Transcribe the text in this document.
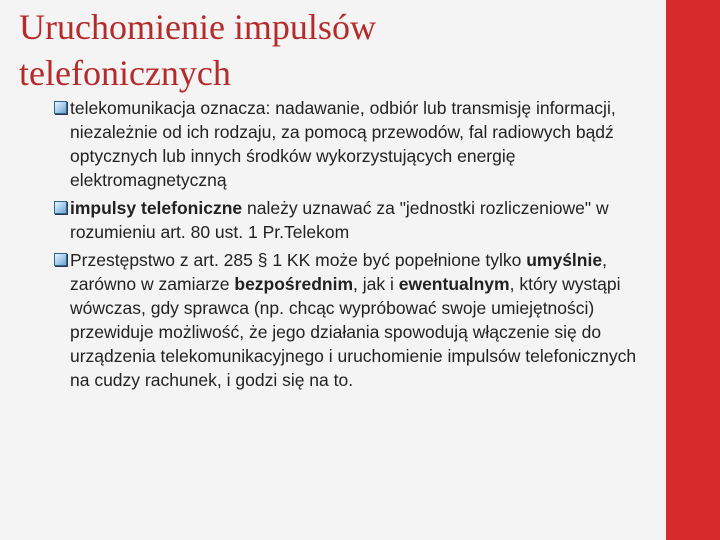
Uruchomienie impulsów
telefonicznych
telekomunikacja oznacza: nadawanie, odbiór lub transmisję informacji, niezależnie od ich rodzaju, za pomocą przewodów, fal radiowych bądź optycznych lub innych środków wykorzystujących energię elektromagnetyczną
impulsy telefoniczne należy uznawać za "jednostki rozliczeniowe" w rozumieniu art. 80 ust. 1 Pr.Telekom
Przestępstwo z art. 285 § 1 KK może być popełnione tylko umyślnie, zarówno w zamiarze bezpośrednim, jak i ewentualnym, który wystąpi wówczas, gdy sprawca (np. chcąc wypróbować swoje umiejętności) przewiduje możliwość, że jego działania spowodują włączenie się do urządzenia telekomunikacyjnego i uruchomienie impulsów telefonicznych na cudzy rachunek, i godzi się na to.
